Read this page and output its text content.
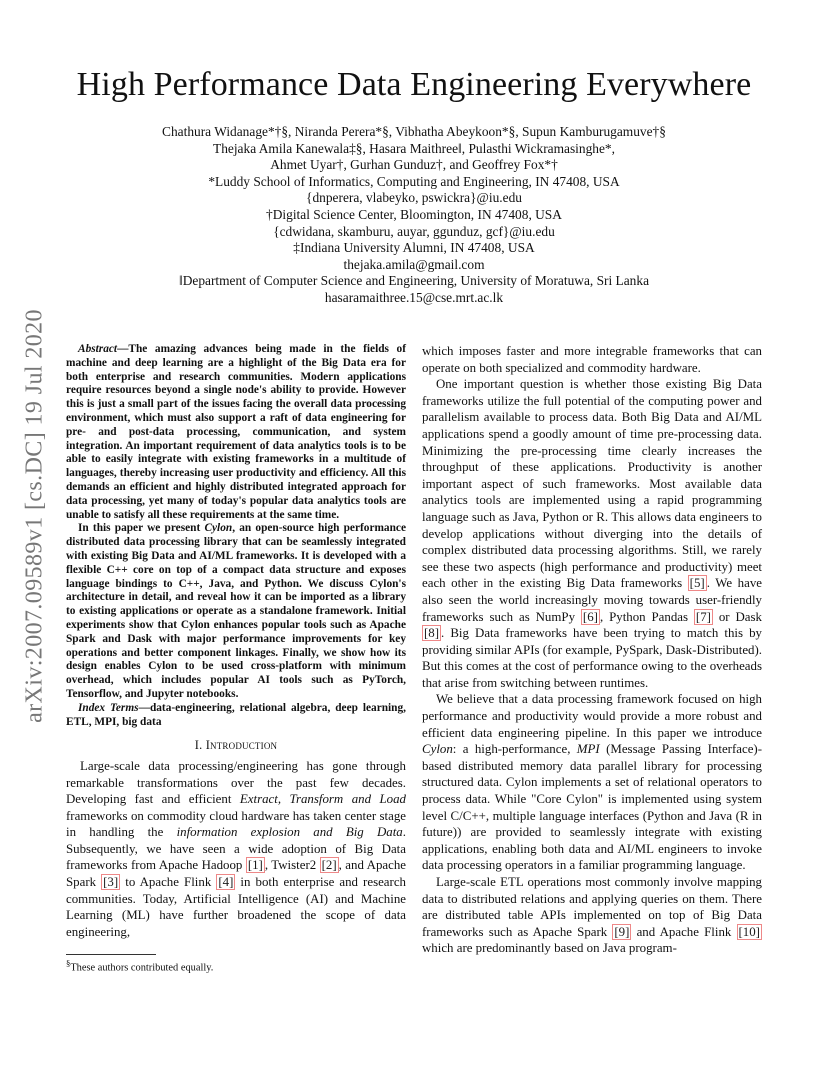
arXiv:2007.09589v1 [cs.DC] 19 Jul 2020
High Performance Data Engineering Everywhere
Chathura Widanage*†§, Niranda Perera*§, Vibhatha Abeykoon*§, Supun Kamburugamuve†§
Thejaka Amila Kanewala‡§, Hasara Maithree‖, Pulasthi Wickramasinghe*,
Ahmet Uyar†, Gurhan Gunduz†, and Geoffrey Fox*†
*Luddy School of Informatics, Computing and Engineering, IN 47408, USA
{dnperera, vlabeyko, pswickra}@iu.edu
†Digital Science Center, Bloomington, IN 47408, USA
{cdwidana, skamburu, auyar, ggunduz, gcf}@iu.edu
‡Indiana University Alumni, IN 47408, USA
thejaka.amila@gmail.com
‖Department of Computer Science and Engineering, University of Moratuwa, Sri Lanka
hasaramaithree.15@cse.mrt.ac.lk

Abstract—The amazing advances being made in the fields of machine and deep learning are a highlight of the Big Data era for both enterprise and research communities. Modern applications require resources beyond a single node's ability to provide. However this is just a small part of the issues facing the overall data processing environment, which must also support a raft of data engineering for pre- and post-data processing, communication, and system integration. An important requirement of data analytics tools is to be able to easily integrate with existing frameworks in a multitude of languages, thereby increasing user productivity and efficiency. All this demands an efficient and highly distributed integrated approach for data processing, yet many of today's popular data analytics tools are unable to satisfy all these requirements at the same time.

In this paper we present Cylon, an open-source high performance distributed data processing library that can be seamlessly integrated with existing Big Data and AI/ML frameworks. It is developed with a flexible C++ core on top of a compact data structure and exposes language bindings to C++, Java, and Python. We discuss Cylon's architecture in detail, and reveal how it can be imported as a library to existing applications or operate as a standalone framework. Initial experiments show that Cylon enhances popular tools such as Apache Spark and Dask with major performance improvements for key operations and better component linkages. Finally, we show how its design enables Cylon to be used cross-platform with minimum overhead, which includes popular AI tools such as PyTorch, Tensorflow, and Jupyter notebooks.

Index Terms—data-engineering, relational algebra, deep learning, ETL, MPI, big data

I. Introduction

Large-scale data processing/engineering has gone through remarkable transformations over the past few decades. Developing fast and efficient Extract, Transform and Load frameworks on commodity cloud hardware has taken center stage in handling the information explosion and Big Data. Subsequently, we have seen a wide adoption of Big Data frameworks from Apache Hadoop [1] , Twister2 [2] , and Apache Spark [3] to Apache Flink [4] in both enterprise and research communities. Today, Artificial Intelligence (AI) and Machine Learning (ML) have further broadened the scope of data engineering,

which imposes faster and more integrable frameworks that can operate on both specialized and commodity hardware.

One important question is whether those existing Big Data frameworks utilize the full potential of the computing power and parallelism available to process data. Both Big Data and AI/ML applications spend a goodly amount of time pre-processing data. Minimizing the pre-processing time clearly increases the throughput of these applications. Productivity is another important aspect of such frameworks. Most available data analytics tools are implemented using a rapid programming language such as Java, Python or R. This allows data engineers to develop applications without diverging into the details of complex distributed data processing algorithms. Still, we rarely see these two aspects (high performance and productivity) meet each other in the existing Big Data frameworks [5] . We have also seen the world increasingly moving towards user-friendly frameworks such as NumPy [6] , Python Pandas [7] or Dask [8] . Big Data frameworks have been trying to match this by providing similar APIs (for example, PySpark, Dask-Distributed). But this comes at the cost of performance owing to the overheads that arise from switching between runtimes.

We believe that a data processing framework focused on high performance and productivity would provide a more robust and efficient data engineering pipeline. In this paper we introduce Cylon: a high-performance, MPI (Message Passing Interface)-based distributed memory data parallel library for processing structured data. Cylon implements a set of relational operators to process data. While "Core Cylon" is implemented using system level C/C++, multiple language interfaces (Python and Java (R in future)) are provided to seamlessly integrate with existing applications, enabling both data and AI/ML engineers to invoke data processing operators in a familiar programming language.

Large-scale ETL operations most commonly involve mapping data to distributed relations and applying queries on them. There are distributed table APIs implemented on top of Big Data frameworks such as Apache Spark [9] and Apache Flink [10] which are predominantly based on Java program-

§These authors contributed equally.
